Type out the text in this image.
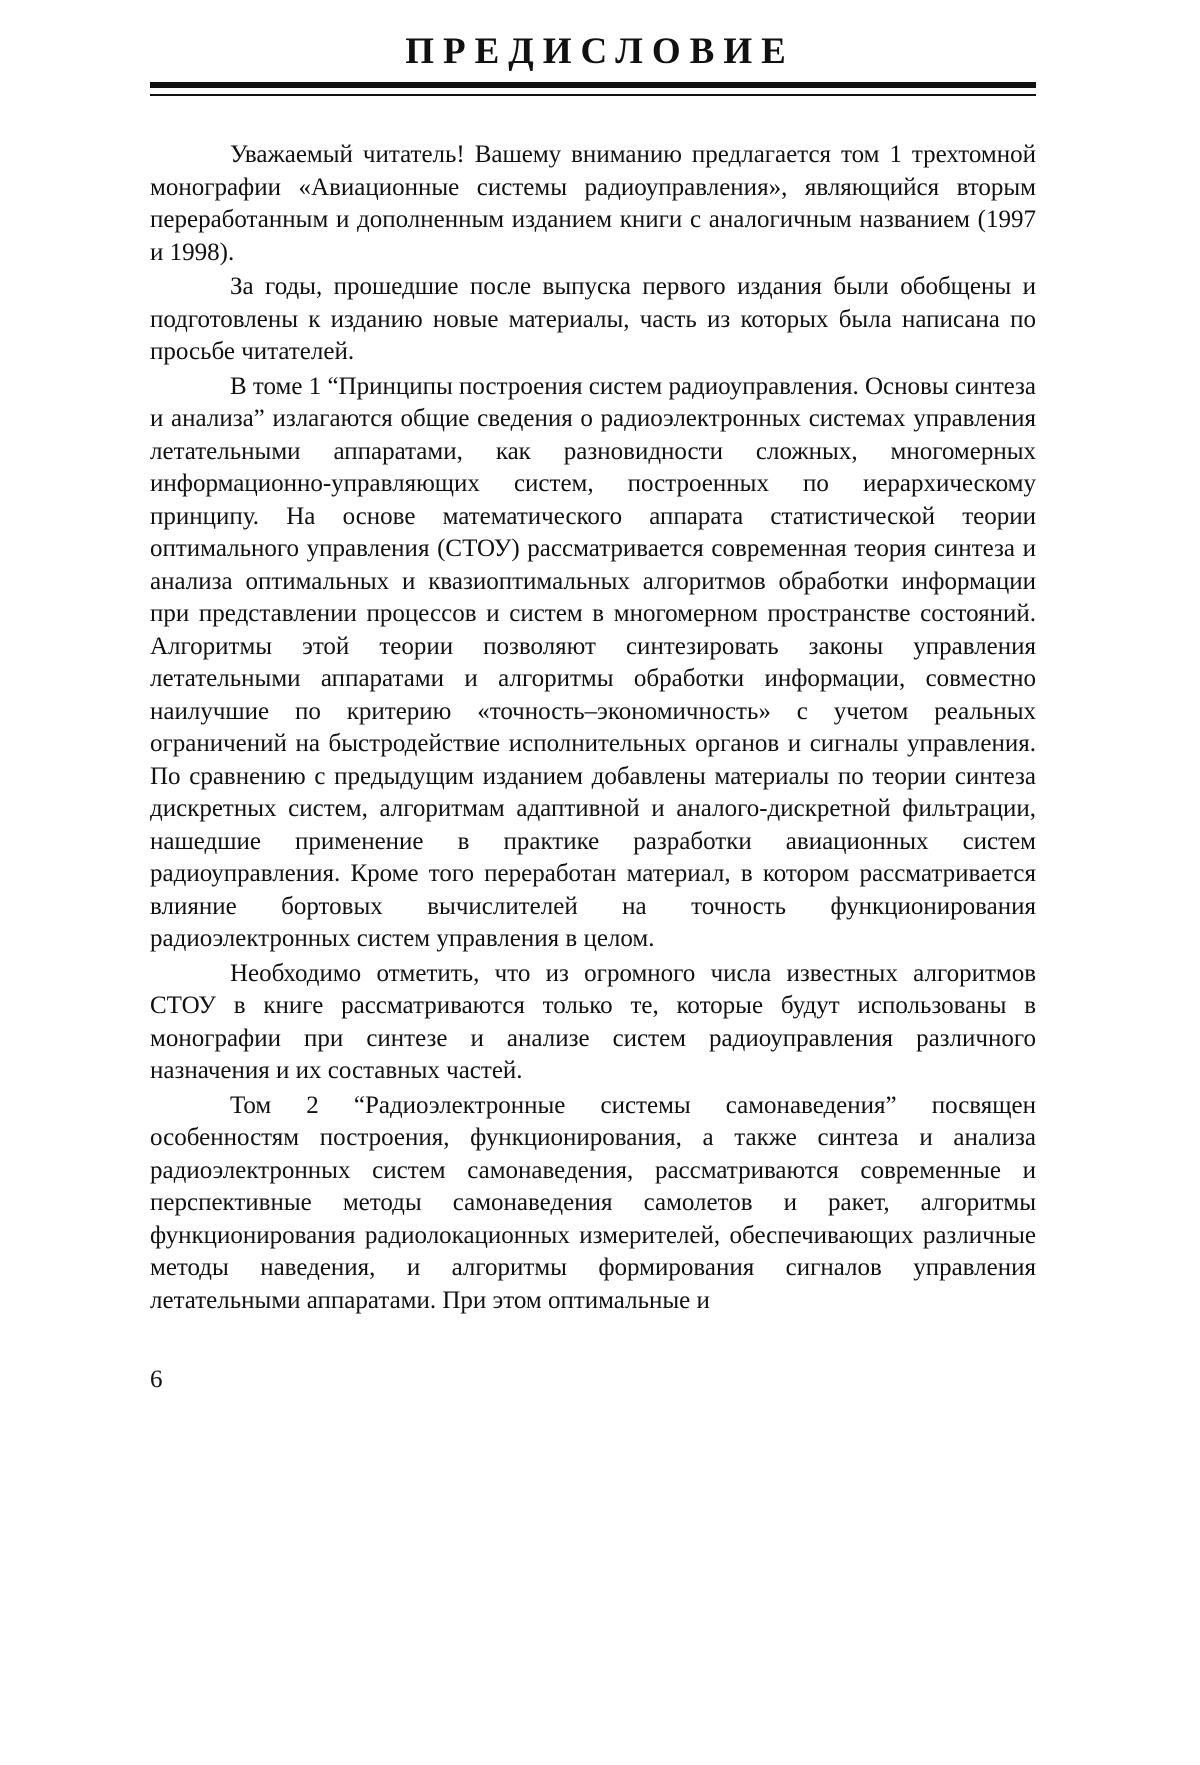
ПРЕДИСЛОВИЕ

Уважаемый читатель! Вашему вниманию предлагается том 1 трехтомной монографии «Авиационные системы радиоуправления», являющийся вторым переработанным и дополненным изданием книги с аналогичным названием (1997 и 1998).

За годы, прошедшие после выпуска первого издания были обобщены и подготовлены к изданию новые материалы, часть из которых была написана по просьбе читателей.

В томе 1 “Принципы построения систем радиоуправления. Основы синтеза и анализа” излагаются общие сведения о радиоэлектронных системах управления летательными аппаратами, как разновидности сложных, многомерных информационно-управляющих систем, построенных по иерархическому принципу. На основе математического аппарата статистической теории оптимального управления (СТОУ) рассматривается современная теория синтеза и анализа оптимальных и квазиоптимальных алгоритмов обработки информации при представлении процессов и систем в многомерном пространстве состояний. Алгоритмы этой теории позволяют синтезировать законы управления летательными аппаратами и алгоритмы обработки информации, совместно наилучшие по критерию «точность–экономичность» с учетом реальных ограничений на быстродействие исполнительных органов и сигналы управления. По сравнению с предыдущим изданием добавлены материалы по теории синтеза дискретных систем, алгоритмам адаптивной и аналого-дискретной фильтрации, нашедшие применение в практике разработки авиационных систем радиоуправления. Кроме того переработан материал, в котором рассматривается влияние бортовых вычислителей на точность функционирования радиоэлектронных систем управления в целом.

Необходимо отметить, что из огромного числа известных алгоритмов СТОУ в книге рассматриваются только те, которые будут использованы в монографии при синтезе и анализе систем радиоуправления различного назначения и их составных частей.

Том 2 “Радиоэлектронные системы самонаведения” посвящен особенностям построения, функционирования, а также синтеза и анализа радиоэлектронных систем самонаведения, рассматриваются современные и перспективные методы самонаведения самолетов и ракет, алгоритмы функционирования радиолокационных измерителей, обеспечивающих различные методы наведения, и алгоритмы формирования сигналов управления летательными аппаратами. При этом оптимальные и

6
